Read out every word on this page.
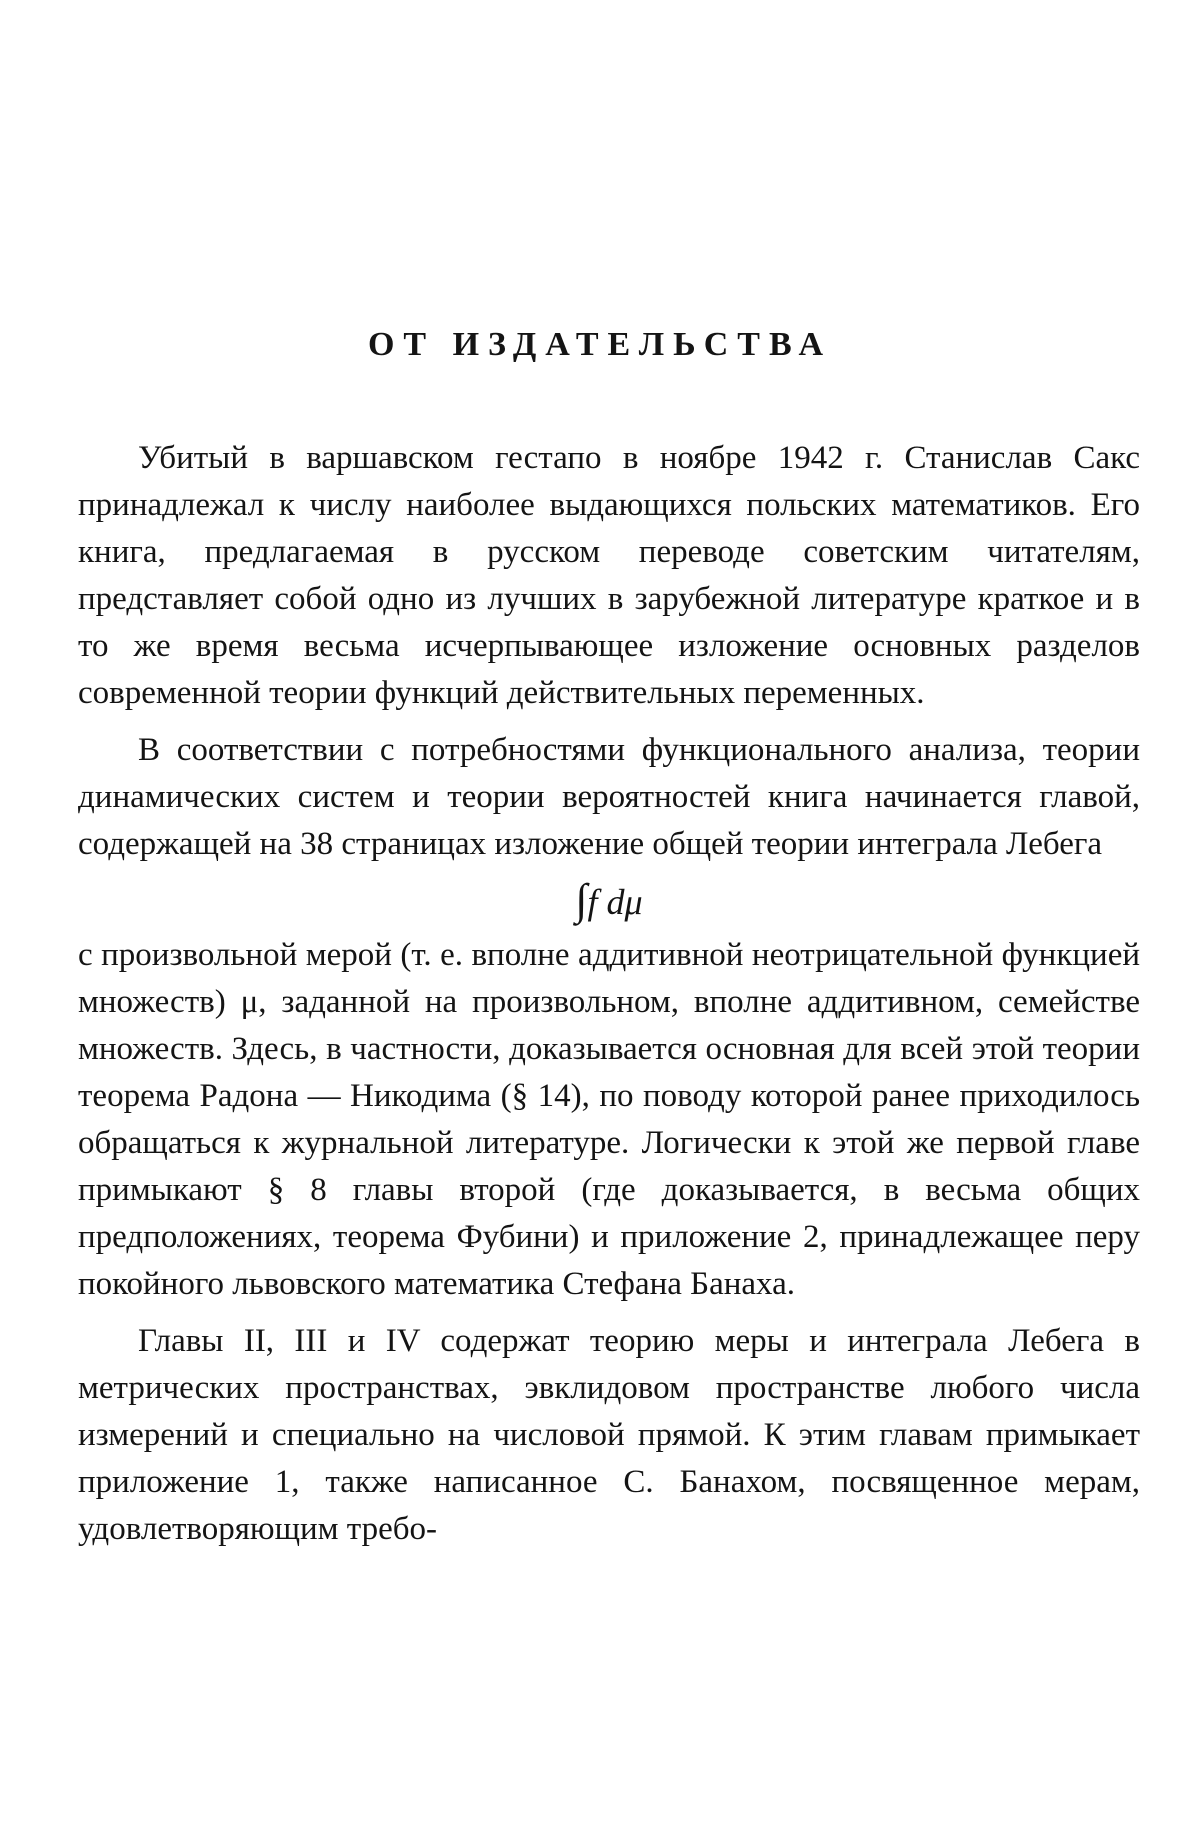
ОТ ИЗДАТЕЛЬСТВА

Убитый в варшавском гестапо в ноябре 1942 г. Станислав Сакс принадлежал к числу наиболее выдающихся польских математиков. Его книга, предлагаемая в русском переводе советским читателям, представляет собой одно из лучших в зарубежной литературе краткое и в то же время весьма исчерпывающее изложение основных разделов современной теории функций действительных переменных.

В соответствии с потребностями функционального анализа, теории динамических систем и теории вероятностей книга начинается главой, содержащей на 38 страницах изложение общей теории интеграла Лебега

∫f dμ

с произвольной мерой (т. е. вполне аддитивной неотрицательной функцией множеств) μ, заданной на произвольном, вполне аддитивном, семействе множеств. Здесь, в частности, доказывается основная для всей этой теории теорема Радона — Никодима (§ 14), по поводу которой ранее приходилось обращаться к журнальной литературе. Логически к этой же первой главе примыкают § 8 главы второй (где доказывается, в весьма общих предположениях, теорема Фубини) и приложение 2, принадлежащее перу покойного львовского математика Стефана Банаха.

Главы II, III и IV содержат теорию меры и интеграла Лебега в метрических пространствах, эвклидовом пространстве любого числа измерений и специально на числовой прямой. К этим главам примыкает приложение 1, также написанное С. Банахом, посвященное мерам, удовлетворяющим требо-
